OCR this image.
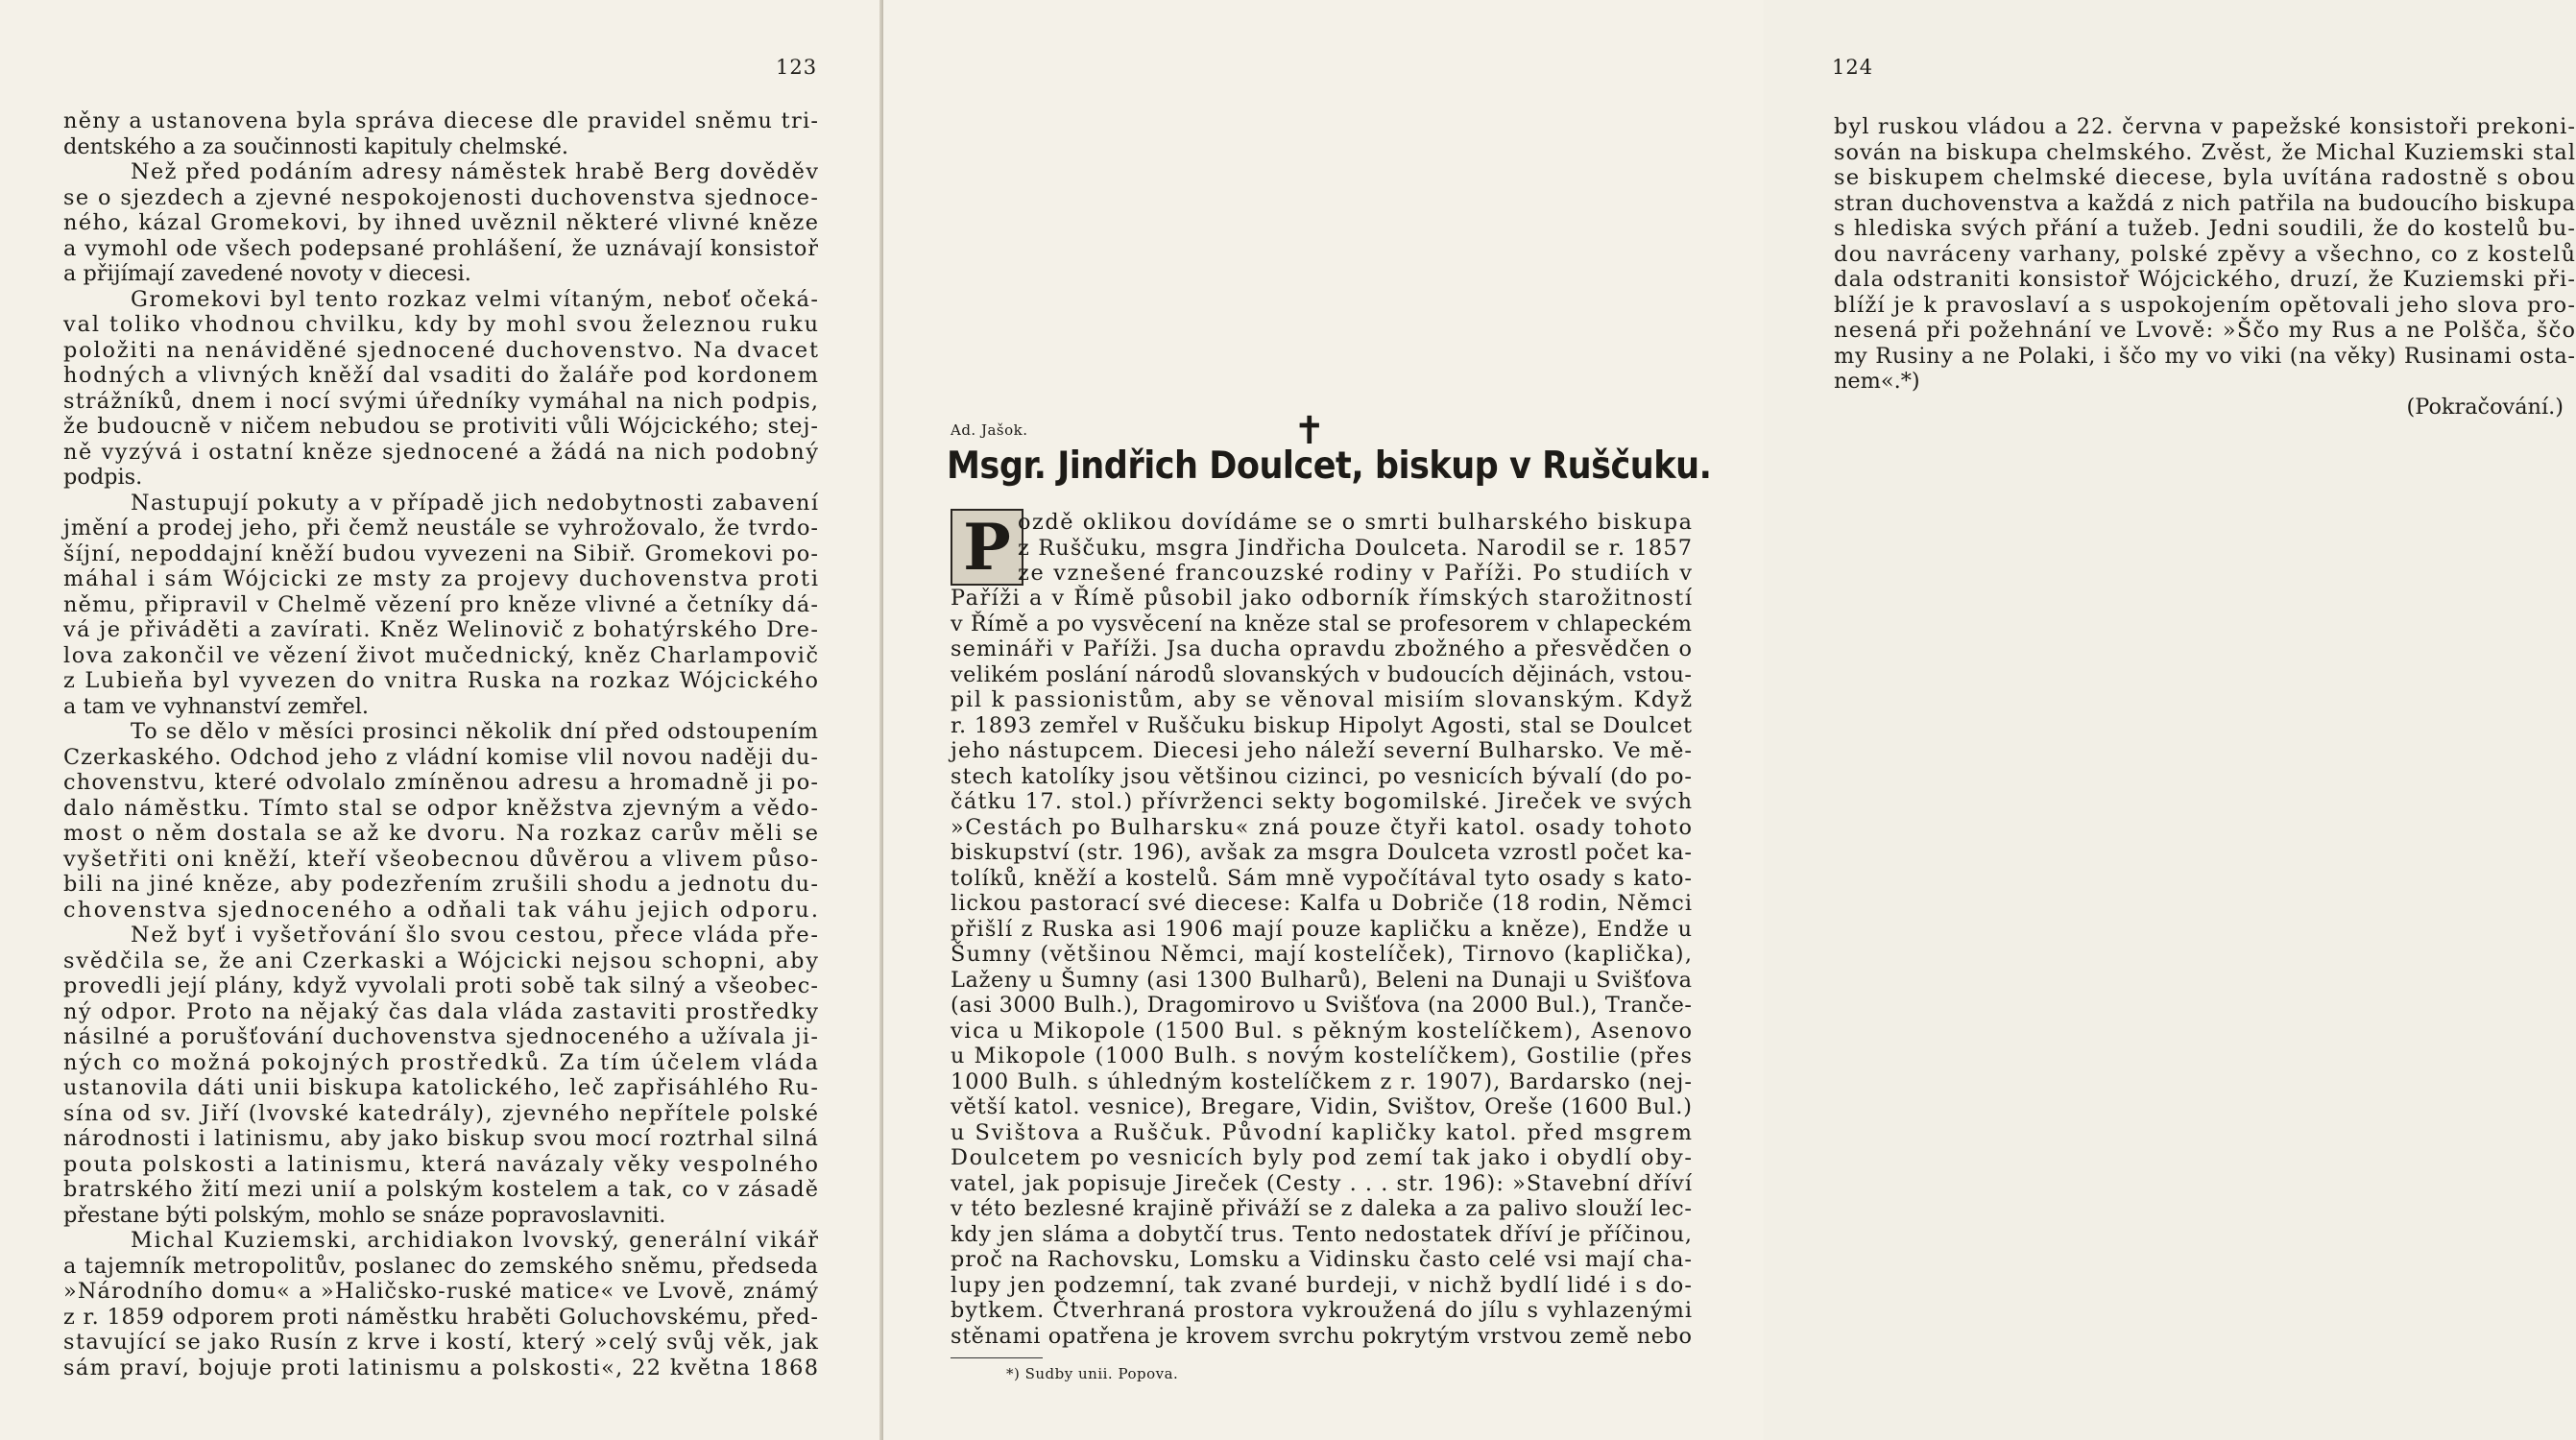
123
něny a ustanovena byla správa diecese dle pravidel sněmu tri-
dentského a za součinnosti kapituly chelmské.
Než před podáním adresy náměstek hrabě Berg dověděv
se o sjezdech a zjevné nespokojenosti duchovenstva sjednoce-
ného, kázal Gromekovi, by ihned uvěznil některé vlivné kněze
a vymohl ode všech podepsané prohlášení, že uznávají konsistoř
a přijímají zavedené novoty v diecesi.
Gromekovi byl tento rozkaz velmi vítaným, neboť očeká-
val toliko vhodnou chvilku, kdy by mohl svou železnou ruku
položiti na nenáviděné sjednocené duchovenstvo. Na dvacet
hodných a vlivných kněží dal vsaditi do žaláře pod kordonem
strážníků, dnem i nocí svými úředníky vymáhal na nich podpis,
že budoucně v ničem nebudou se protiviti vůli Wójcického; stej-
ně vyzývá i ostatní kněze sjednocené a žádá na nich podobný
podpis.
Nastupují pokuty a v případě jich nedobytnosti zabavení
jmění a prodej jeho, při čemž neustále se vyhrožovalo, že tvrdo-
šíjní, nepoddajní kněží budou vyvezeni na Sibiř. Gromekovi po-
máhal i sám Wójcicki ze msty za projevy duchovenstva proti
němu, připravil v Chelmě vězení pro kněze vlivné a četníky dá-
vá je přiváděti a zavírati. Kněz Welinovič z bohatýrského Dre-
lova zakončil ve vězení život mučednický, kněz Charlampovič
z Lubieňa byl vyvezen do vnitra Ruska na rozkaz Wójcického
a tam ve vyhnanství zemřel.
To se dělo v měsíci prosinci několik dní před odstoupením
Czerkaského. Odchod jeho z vládní komise vlil novou naději du-
chovenstvu, které odvolalo zmíněnou adresu a hromadně ji po-
dalo náměstku. Tímto stal se odpor kněžstva zjevným a vědo-
most o něm dostala se až ke dvoru. Na rozkaz carův měli se
vyšetřiti oni kněží, kteří všeobecnou důvěrou a vlivem půso-
bili na jiné kněze, aby podezřením zrušili shodu a jednotu du-
chovenstva sjednoceného a odňali tak váhu jejich odporu.
Než byť i vyšetřování šlo svou cestou, přece vláda pře-
svědčila se, že ani Czerkaski a Wójcicki nejsou schopni, aby
provedli její plány, když vyvolali proti sobě tak silný a všeobec-
ný odpor. Proto na nějaký čas dala vláda zastaviti prostředky
násilné a porušťování duchovenstva sjednoceného a užívala ji-
ných co možná pokojných prostředků. Za tím účelem vláda
ustanovila dáti unii biskupa katolického, leč zapřisáhlého Ru-
sína od sv. Jiří (lvovské katedrály), zjevného nepřítele polské
národnosti i latinismu, aby jako biskup svou mocí roztrhal silná
pouta polskosti a latinismu, která navázaly věky vespolného
bratrského žití mezi unií a polským kostelem a tak, co v zásadě
přestane býti polským, mohlo se snáze popravoslavniti.
Michal Kuziemski, archidiakon lvovský, generální vikář
a tajemník metropolitův, poslanec do zemského sněmu, předseda
»Národního domu« a »Haličsko-ruské matice« ve Lvově, známý
z r. 1859 odporem proti náměstku hraběti Goluchovskému, před-
stavující se jako Rusín z krve i kostí, který »celý svůj věk, jak
sám praví, bojuje proti latinismu a polskosti«, 22 května 1868
124
byl ruskou vládou a 22. června v papežské konsistoři prekoni-
sován na biskupa chelmského. Zvěst, že Michal Kuziemski stal
se biskupem chelmské diecese, byla uvítána radostně s obou
stran duchovenstva a každá z nich patřila na budoucího biskupa
s hlediska svých přání a tužeb. Jedni soudili, že do kostelů bu-
dou navráceny varhany, polské zpěvy a všechno, co z kostelů
dala odstraniti konsistoř Wójcického, druzí, že Kuziemski při-
blíží je k pravoslaví a s uspokojením opětovali jeho slova pro-
nesená při požehnání ve Lvově: »Ščo my Rus a ne Polšča, ščo
my Rusiny a ne Polaki, i ščo my vo viki (na věky) Rusinami osta-
nem«.*)
(Pokračování.)
Ad. Jašok.	✝
Msgr. Jindřich Doulcet, biskup v Ruščuku.
P ozdě oklikou dovídáme se o smrti bulharského biskupa
z Ruščuku, msgra Jindřicha Doulceta. Narodil se r. 1857
ze vznešené francouzské rodiny v Paříži. Po studiích v
Paříži a v Římě působil jako odborník římských starožitností
v Římě a po vysvěcení na kněze stal se profesorem v chlapeckém
semináři v Paříži. Jsa ducha opravdu zbožného a přesvědčen o
velikém poslání národů slovanských v budoucích dějinách, vstou-
pil k passionistům, aby se věnoval misiím slovanským. Když
r. 1893 zemřel v Ruščuku biskup Hipolyt Agosti, stal se Doulcet
jeho nástupcem. Diecesi jeho náleží severní Bulharsko. Ve mě-
stech katolíky jsou většinou cizinci, po vesnicích bývalí (do po-
čátku 17. stol.) přívrženci sekty bogomilské. Jireček ve svých
»Cestách po Bulharsku« zná pouze čtyři katol. osady tohoto
biskupství (str. 196), avšak za msgra Doulceta vzrostl počet ka-
tolíků, kněží a kostelů. Sám mně vypočítával tyto osady s kato-
lickou pastorací své diecese: Kalfa u Dobriče (18 rodin, Němci
přišlí z Ruska asi 1906 mají pouze kapličku a kněze), Endže u
Šumny (většinou Němci, mají kostelíček), Tirnovo (kaplička),
Laženy u Šumny (asi 1300 Bulharů), Beleni na Dunaji u Svišťova
(asi 3000 Bulh.), Dragomirovo u Svišťova (na 2000 Bul.), Trančе-
vica u Mikopole (1500 Bul. s pěkným kostelíčkem), Asenovo
u Mikopole (1000 Bulh. s novým kostelíčkem), Gostilie (přes
1000 Bulh. s úhledným kostelíčkem z r. 1907), Bardarsko (nej-
větší katol. vesnice), Bregare, Vidin, Svištov, Oreše (1600 Bul.)
u Svištova a Ruščuk. Původní kapličky katol. před msgrem
Doulcetem po vesnicích byly pod zemí tak jako i obydlí oby-
vatel, jak popisuje Jireček (Cesty . . . str. 196): »Stavební dříví
v této bezlesné krajině přiváží se z daleka a za palivo slouží lec-
kdy jen sláma a dobytčí trus. Tento nedostatek dříví je příčinou,
proč na Rachovsku, Lomsku a Vidinsku často celé vsi mají cha-
lupy jen podzemní, tak zvané burdeji, v nichž bydlí lidé i s do-
bytkem. Čtverhraná prostora vykroužená do jílu s vyhlazenými
stěnami opatřena je krovem svrchu pokrytým vrstvou země nebo
*) Sudby unii. Popova.
